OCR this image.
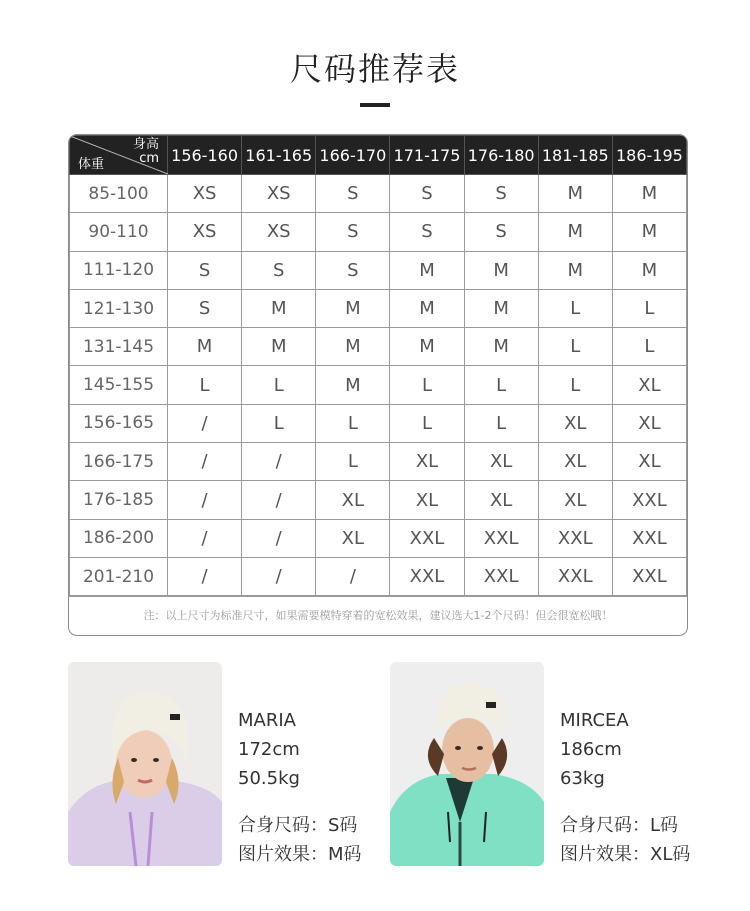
尺码推荐表
身高
cm
体重	156-160	161-165	166-170	171-175	176-180	181-185	186-195
85-100	XS	XS	S	S	S	M	M
90-110	XS	XS	S	S	S	M	M
111-120	S	S	S	M	M	M	M
121-130	S	M	M	M	M	L	L
131-145	M	M	M	M	M	L	L
145-155	L	L	M	L	L	L	XL
156-165	/	L	L	L	L	XL	XL
166-175	/	/	L	XL	XL	XL	XL
176-185	/	/	XL	XL	XL	XL	XXL
186-200	/	/	XL	XXL	XXL	XXL	XXL
201-210	/	/	/	XXL	XXL	XXL	XXL
注：以上尺寸为标准尺寸，如果需要模特穿着的宽松效果，建议选大1-2个尺码！但会很宽松哦！
MARIA
172cm
50.5kg
合身尺码：S码
图片效果：M码
MIRCEA
186cm
63kg
合身尺码：L码
图片效果：XL码
